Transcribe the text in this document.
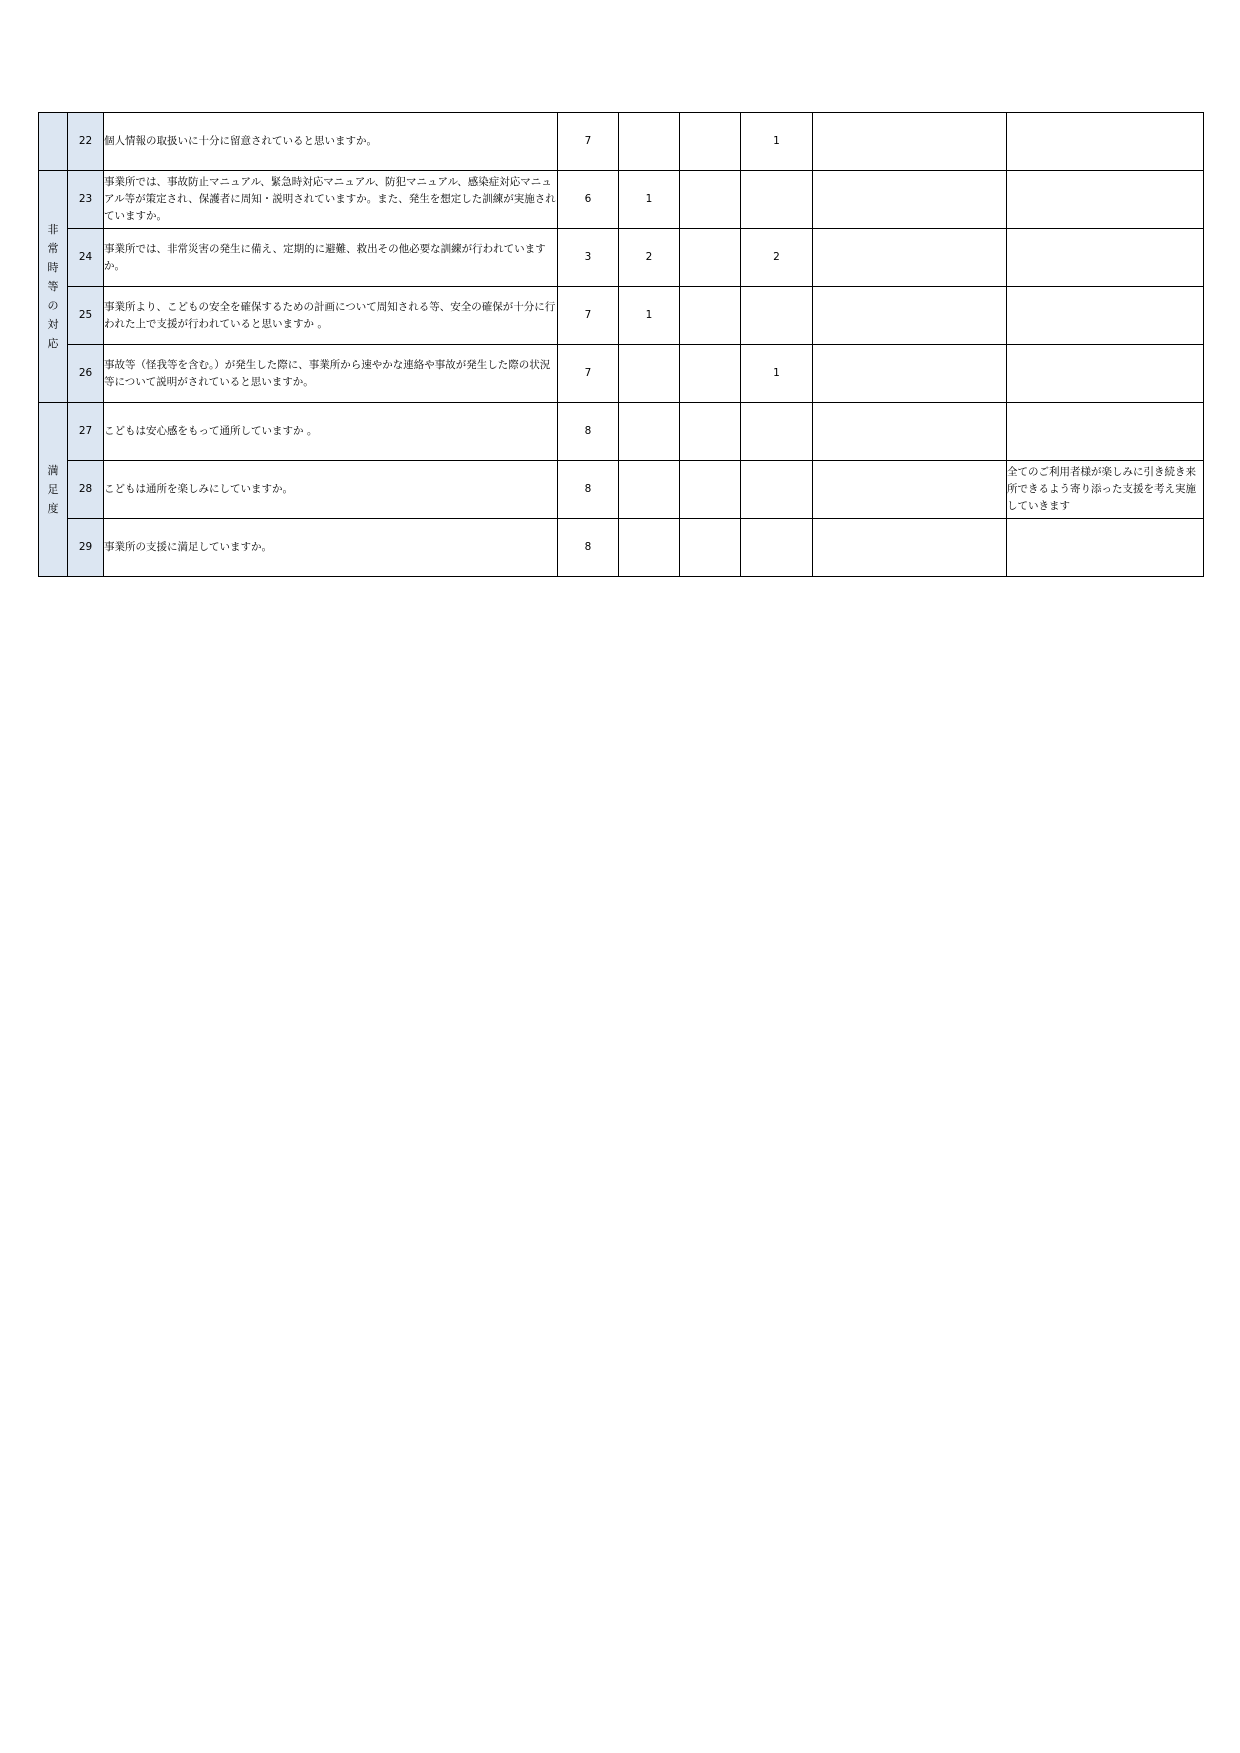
	22	個人情報の取扱いに十分に留意されていると思いますか。	7			1		
非常時等の対応	23	事業所では、事故防止マニュアル、緊急時対応マニュアル、防犯マニュアル、感染症対応マニュアル等が策定され、保護者に周知・説明されていますか。また、発生を想定した訓練が実施されていますか。	6	1				
	24	事業所では、非常災害の発生に備え、定期的に避難、救出その他必要な訓練が行われていますか。	3	2		2		
	25	事業所より、こどもの安全を確保するための計画について周知される等、安全の確保が十分に行われた上で支援が行われていると思いますか 。	7	1				
	26	事故等（怪我等を含む。）が発生した際に、事業所から速やかな連絡や事故が発生した際の状況等について説明がされていると思いますか。	7			1		
満足度	27	こどもは安心感をもって通所していますか 。	8					
	28	こどもは通所を楽しみにしていますか。	8					全てのご利用者様が楽しみに引き続き来所できるよう寄り添った支援を考え実施していきます
	29	事業所の支援に満足していますか。	8					
